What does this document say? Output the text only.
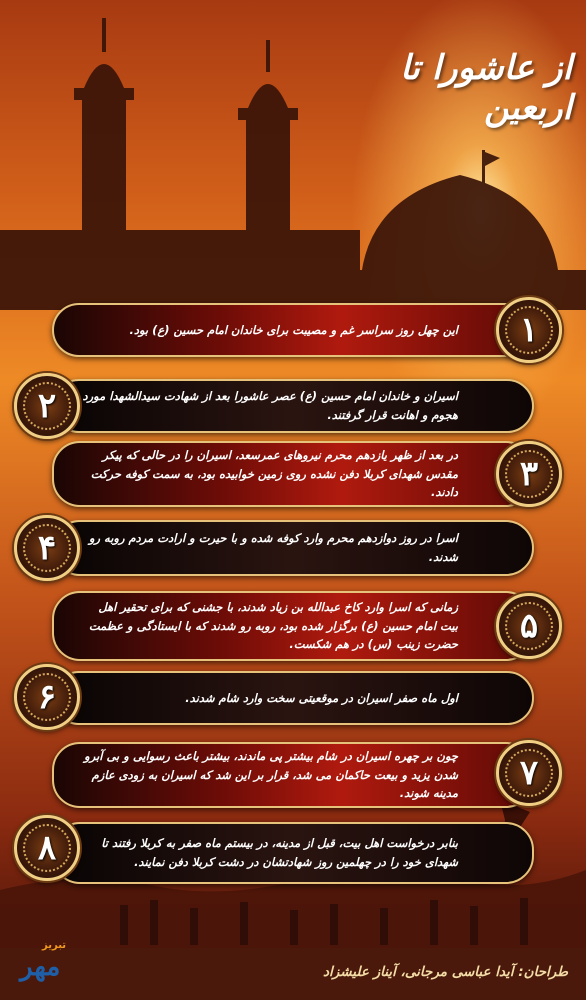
از عاشورا تا اربعین
این چهل روز سراسر غم و مصیبت برای خاندان امام حسین (ع) بود. ۱
اسیران و خاندان امام حسین (ع) عصر عاشورا بعد از شهادت سیدالشهدا مورد هجوم و اهانت قرار گرفتند.
۲
در بعد از ظهر یازدهم محرم نیروهای عمرسعد، اسیران را در حالی که پیکر مقدس شهدای کربلا دفن نشده روی زمین خوابیده بود، به سمت کوفه حرکت دادند. ۳
اسرا در روز دوازدهم محرم وارد کوفه شده و با حیرت و ارادت مردم روبه رو شدند.
۴
زمانی که اسرا وارد کاخ عبدالله بن زیاد شدند، با جشنی که برای تحقیر اهل بیت امام حسین (ع) برگزار شده بود، روبه رو شدند که با ایستادگی و عظمت حضرت زینب (س) در هم شکست. ۵
اول ماه صفر اسیران در موقعیتی سخت وارد شام شدند.
۶
چون بر چهره اسیران در شام بیشتر پی ماندند، بیشتر باعث رسوایی و بی آبرو شدن یزید و بیعت حاکمان می شد، قرار بر این شد که اسیران به زودی عازم مدینه شوند.
۷
بنابر درخواست اهل بیت، قبل از مدینه، در بیستم ماه صفر به کربلا رفتند تا شهدای خود را در چهلمین روز شهادتشان در دشت کربلا دفن نمایند.
۸
طراحان: آیدا عباسی مرجانی، آیناز علیشزاد
تبریز
مهر
